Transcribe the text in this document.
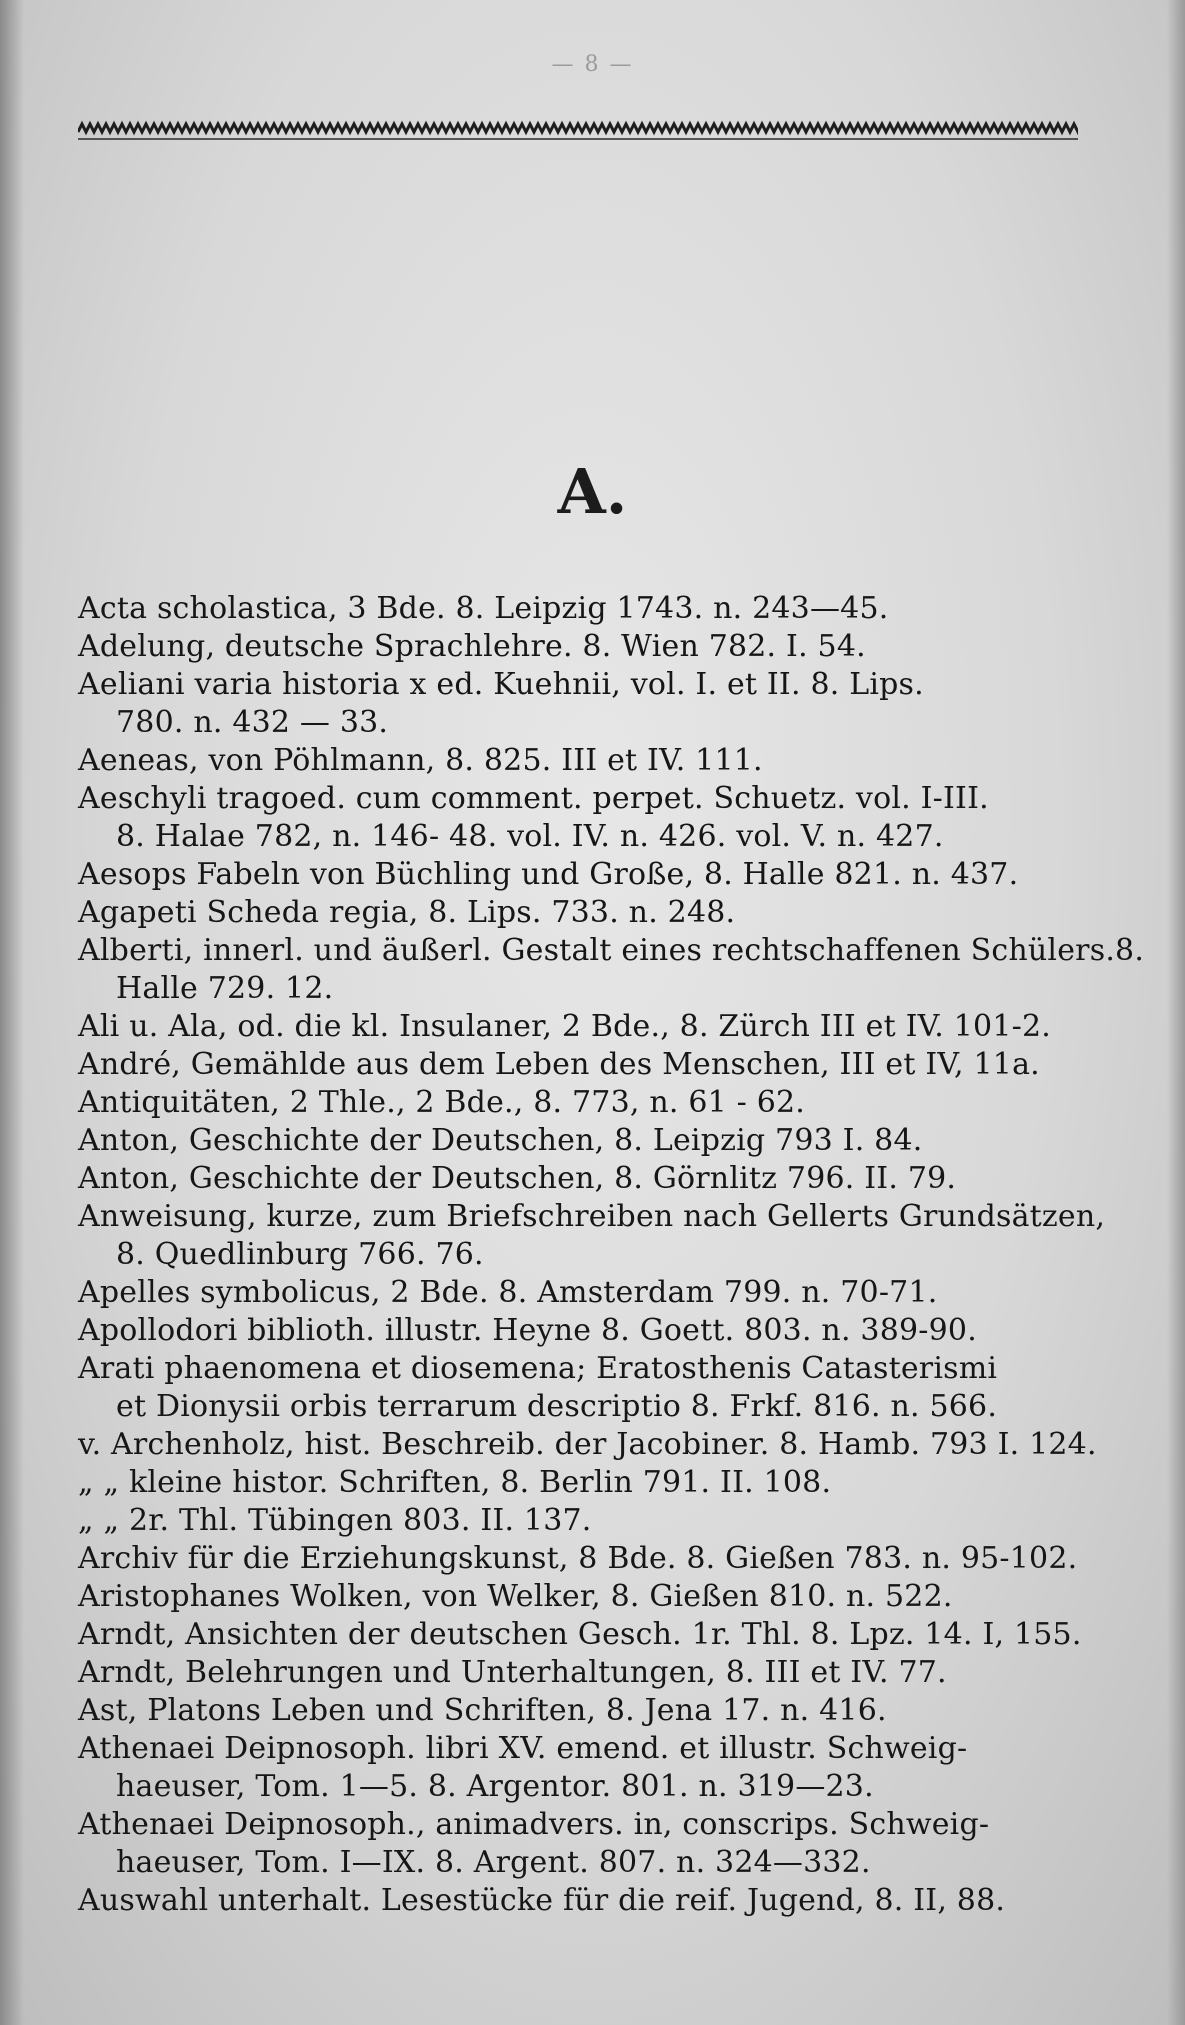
— 8 —
A.
Acta scholastica, 3 Bde. 8. Leipzig 1743. n. 243—45.
Adelung, deutsche Sprachlehre. 8. Wien 782. I. 54.
Aeliani varia historia x ed. Kuehnii, vol. I. et II. 8. Lips.
780. n. 432 — 33.
Aeneas, von Pöhlmann, 8. 825. III et IV. 111.
Aeschyli tragoed. cum comment. perpet. Schuetz. vol. I-III.
8. Halae 782, n. 146- 48. vol. IV. n. 426. vol. V. n. 427.
Aesops Fabeln von Büchling und Große, 8. Halle 821. n. 437.
Agapeti Scheda regia, 8. Lips. 733. n. 248.
Alberti, innerl. und äußerl. Gestalt eines rechtschaffenen Schülers.8.
Halle 729. 12.
Ali u. Ala, od. die kl. Insulaner, 2 Bde., 8. Zürch III et IV. 101-2.
André, Gemählde aus dem Leben des Menschen, III et IV, 11a.
Antiquitäten, 2 Thle., 2 Bde., 8. 773, n. 61 - 62.
Anton, Geschichte der Deutschen, 8. Leipzig 793 I. 84.
Anton, Geschichte der Deutschen, 8. Görnlitz 796. II. 79.
Anweisung, kurze, zum Briefschreiben nach Gellerts Grundsätzen,
8. Quedlinburg 766. 76.
Apelles symbolicus, 2 Bde. 8. Amsterdam 799. n. 70-71.
Apollodori biblioth. illustr. Heyne 8. Goett. 803. n. 389-90.
Arati phaenomena et diosemena; Eratosthenis Catasterismi
et Dionysii orbis terrarum descriptio 8. Frkf. 816. n. 566.
v. Archenholz, hist. Beschreib. der Jacobiner. 8. Hamb. 793 I. 124.
„ „ kleine histor. Schriften, 8. Berlin 791. II. 108.
„ „ 2r. Thl. Tübingen 803. II. 137.
Archiv für die Erziehungskunst, 8 Bde. 8. Gießen 783. n. 95-102.
Aristophanes Wolken, von Welker, 8. Gießen 810. n. 522.
Arndt, Ansichten der deutschen Gesch. 1r. Thl. 8. Lpz. 14. I, 155.
Arndt, Belehrungen und Unterhaltungen, 8. III et IV. 77.
Ast, Platons Leben und Schriften, 8. Jena 17. n. 416.
Athenaei Deipnosoph. libri XV. emend. et illustr. Schweig-
haeuser, Tom. 1—5. 8. Argentor. 801. n. 319—23.
Athenaei Deipnosoph., animadvers. in, conscrips. Schweig-
haeuser, Tom. I—IX. 8. Argent. 807. n. 324—332.
Auswahl unterhalt. Lesestücke für die reif. Jugend, 8. II, 88.
